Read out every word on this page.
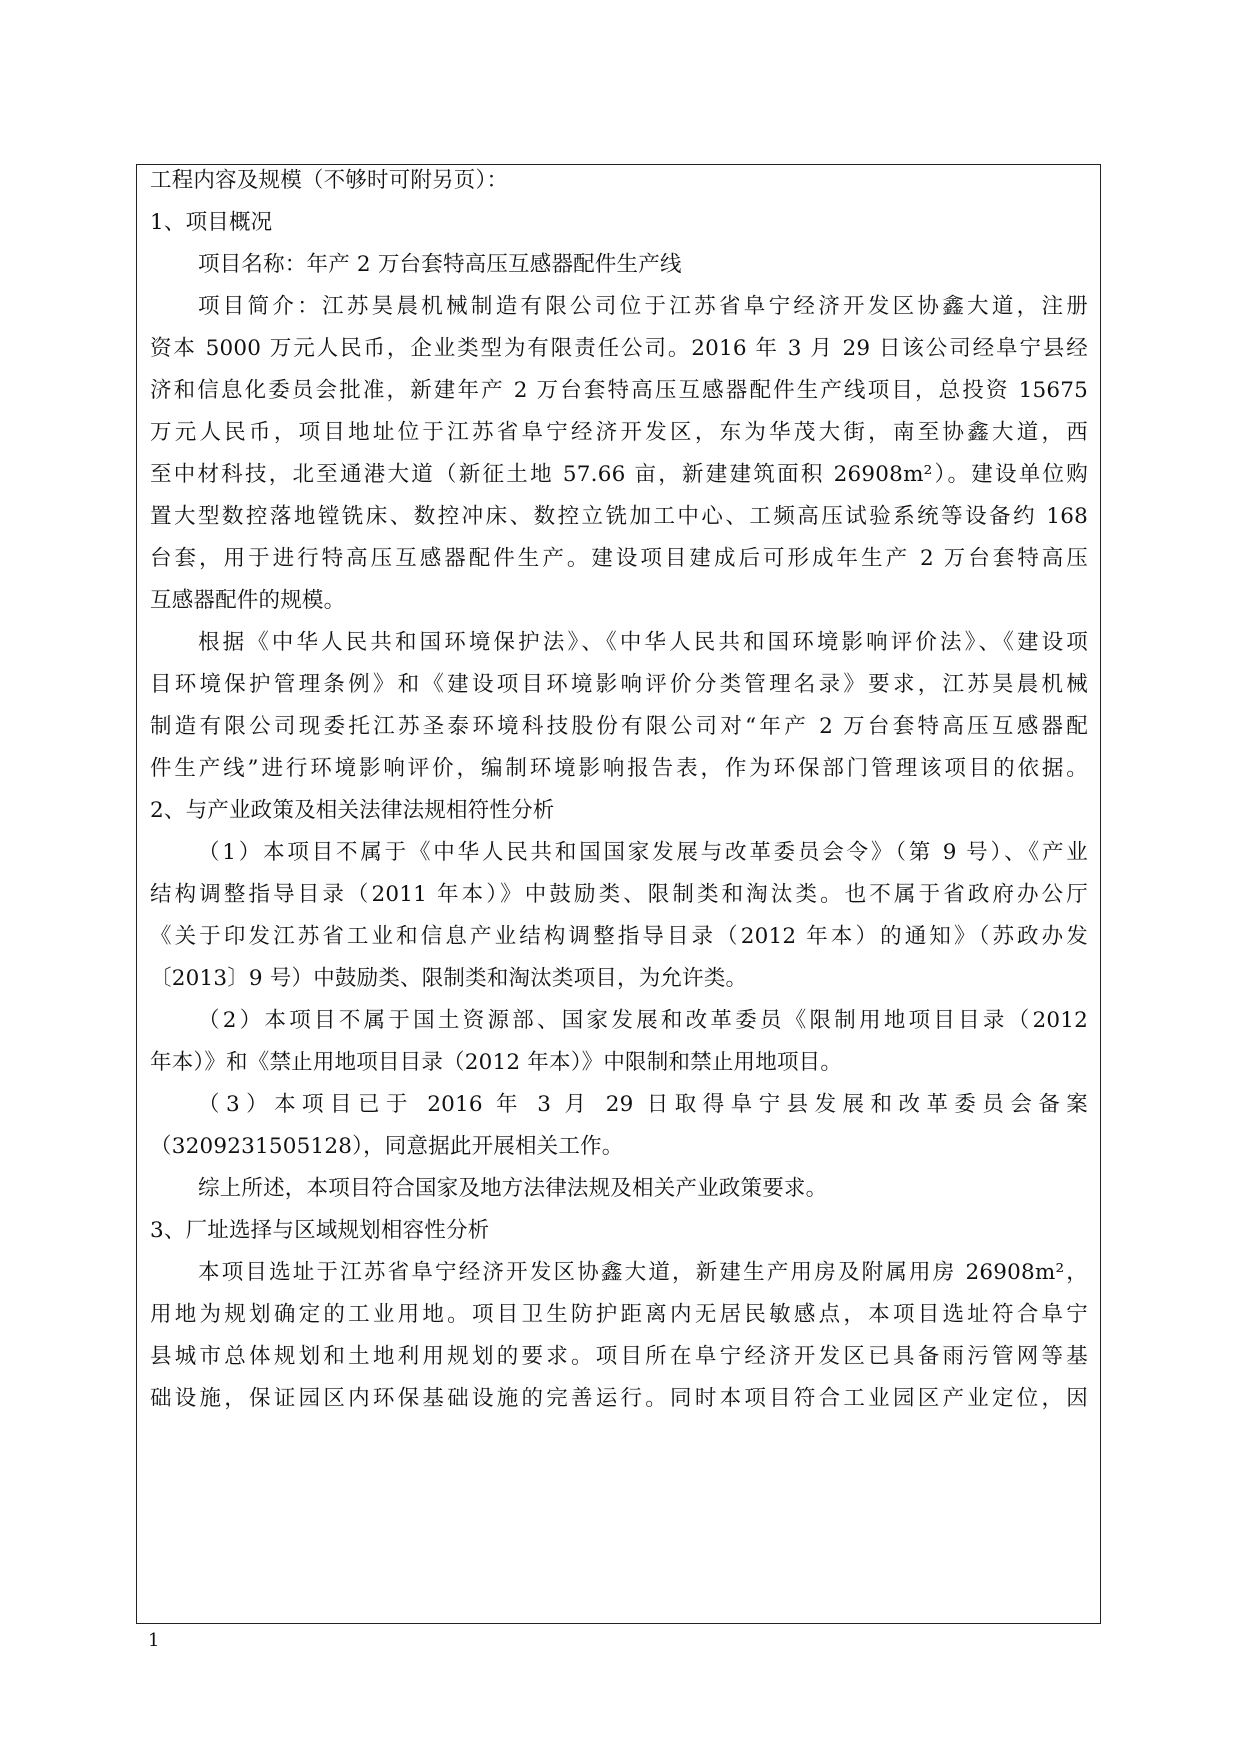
工程内容及规模（不够时可附另页）：
1、项目概况
项目名称：年产 2 万台套特高压互感器配件生产线
项目简介：江苏昊晨机械制造有限公司位于江苏省阜宁经济开发区协鑫大道，注册
资本 5000 万元人民币，企业类型为有限责任公司。2016 年 3 月 29 日该公司经阜宁县经
济和信息化委员会批准，新建年产 2 万台套特高压互感器配件生产线项目，总投资 15675
万元人民币，项目地址位于江苏省阜宁经济开发区，东为华茂大街，南至协鑫大道，西
至中材科技，北至通港大道（新征土地 57.66 亩，新建建筑面积 26908m²）。建设单位购
置大型数控落地镗铣床、数控冲床、数控立铣加工中心、工频高压试验系统等设备约 168
台套，用于进行特高压互感器配件生产。建设项目建成后可形成年生产 2 万台套特高压
互感器配件的规模。
根据《中华人民共和国环境保护法》、《中华人民共和国环境影响评价法》、《建设项
目环境保护管理条例》和《建设项目环境影响评价分类管理名录》要求，江苏昊晨机械
制造有限公司现委托江苏圣泰环境科技股份有限公司对“年产 2 万台套特高压互感器配
件生产线”进行环境影响评价，编制环境影响报告表，作为环保部门管理该项目的依据。
2、与产业政策及相关法律法规相符性分析
（1）本项目不属于《中华人民共和国国家发展与改革委员会令》（第 9 号）、《产业
结构调整指导目录（2011 年本）》中鼓励类、限制类和淘汰类。也不属于省政府办公厅
《关于印发江苏省工业和信息产业结构调整指导目录（2012 年本）的通知》（苏政办发
〔2013〕9 号）中鼓励类、限制类和淘汰类项目，为允许类。
（2）本项目不属于国土资源部、国家发展和改革委员《限制用地项目目录（2012
年本）》和《禁止用地项目目录（2012 年本）》中限制和禁止用地项目。
（3）本项目已于 2016 年 3 月 29 日取得阜宁县发展和改革委员会备案
（3209231505128），同意据此开展相关工作。
综上所述，本项目符合国家及地方法律法规及相关产业政策要求。
3、厂址选择与区域规划相容性分析
本项目选址于江苏省阜宁经济开发区协鑫大道，新建生产用房及附属用房 26908m²，
用地为规划确定的工业用地。项目卫生防护距离内无居民敏感点，本项目选址符合阜宁
县城市总体规划和土地利用规划的要求。项目所在阜宁经济开发区已具备雨污管网等基
础设施，保证园区内环保基础设施的完善运行。同时本项目符合工业园区产业定位，因
1
